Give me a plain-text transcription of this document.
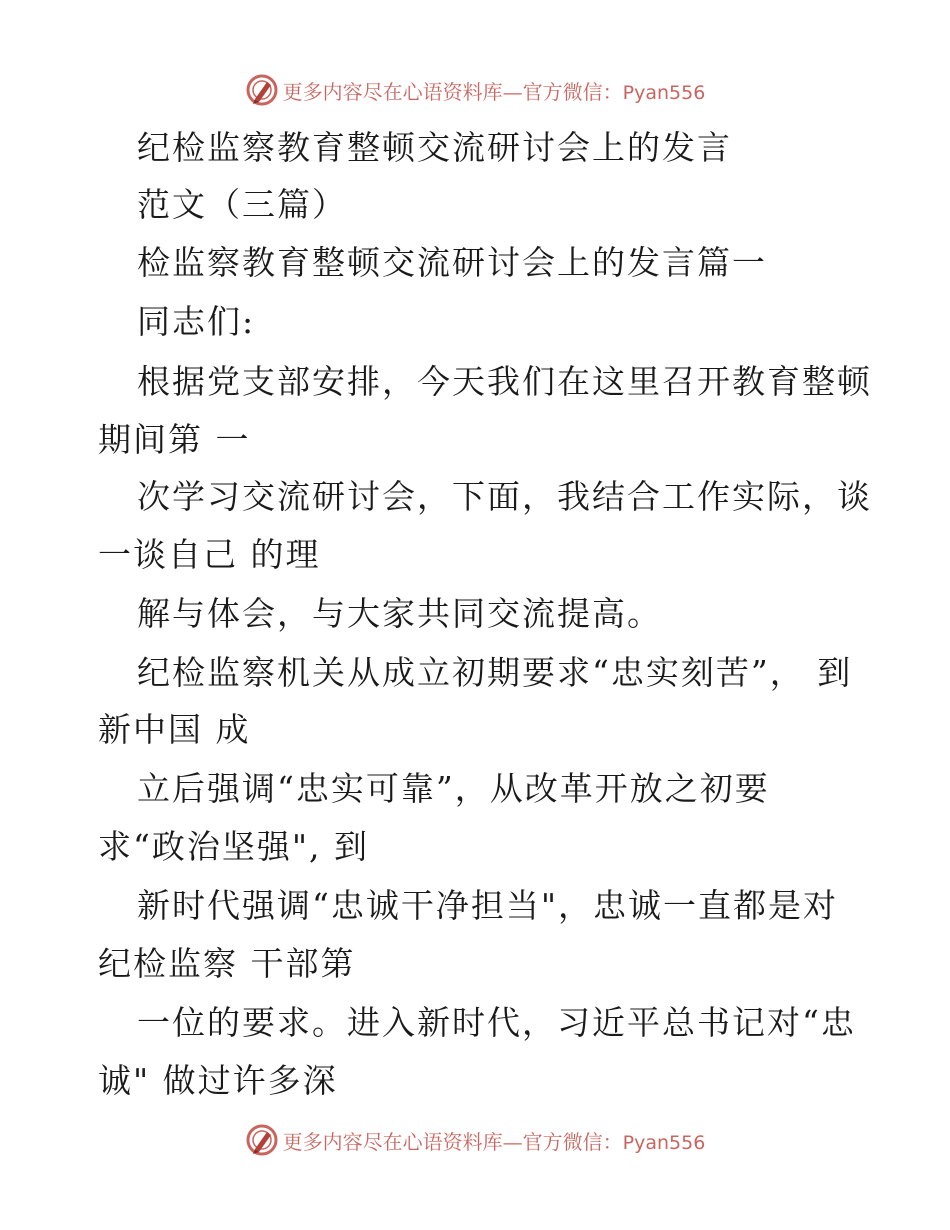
更多内容尽在心语资料库—官方微信：Pyan556
纪检监察教育整顿交流研讨会上的发言
范文（三篇）
检监察教育整顿交流研讨会上的发言篇一
同志们:
根据党支部安排，今天我们在这里召开教育整顿
期间第 一
次学习交流研讨会，下面，我结合工作实际，谈
一谈自己 的理
解与体会，与大家共同交流提高。
纪检监察机关从成立初期要求“忠实刻苦”， 到
新中国 成
立后强调“忠实可靠”，从改革开放之初要
求“政治坚强", 到
新时代强调“忠诚干净担当"，忠诚一直都是对
纪检监察 干部第
一位的要求。进入新时代，习近平总书记对“忠
诚" 做过许多深
更多内容尽在心语资料库—官方微信：Pyan556
